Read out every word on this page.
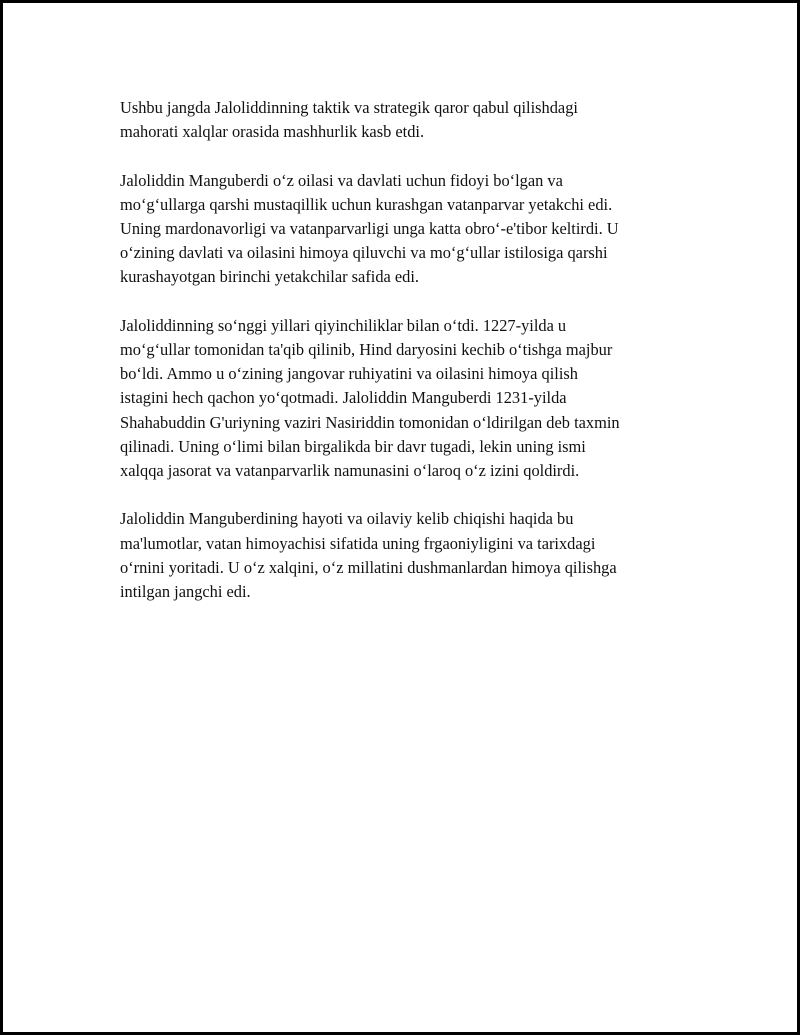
Ushbu jangda Jaloliddinning taktik va strategik qaror qabul qilishdagi
mahorati xalqlar orasida mashhurlik kasb etdi.

Jaloliddin Manguberdi o‘z oilasi va davlati uchun fidoyi bo‘lgan va
mo‘g‘ullarga qarshi mustaqillik uchun kurashgan vatanparvar yetakchi edi.
Uning mardonavorligi va vatanparvarligi unga katta obro‘-e'tibor keltirdi. U
o‘zining davlati va oilasini himoya qiluvchi va mo‘g‘ullar istilosiga qarshi
kurashayotgan birinchi yetakchilar safida edi.

Jaloliddinning so‘nggi yillari qiyinchiliklar bilan o‘tdi. 1227-yilda u
mo‘g‘ullar tomonidan ta'qib qilinib, Hind daryosini kechib o‘tishga majbur
bo‘ldi. Ammo u o‘zining jangovar ruhiyatini va oilasini himoya qilish
istagini hech qachon yo‘qotmadi. Jaloliddin Manguberdi 1231-yilda
Shahabuddin G'uriyning vaziri Nasiriddin tomonidan o‘ldirilgan deb taxmin
qilinadi. Uning o‘limi bilan birgalikda bir davr tugadi, lekin uning ismi
xalqqa jasorat va vatanparvarlik namunasini o‘laroq o‘z izini qoldirdi.

Jaloliddin Manguberdining hayoti va oilaviy kelib chiqishi haqida bu
ma'lumotlar, vatan himoyachisi sifatida uning frgaoniyligini va tarixdagi
o‘rnini yoritadi. U o‘z xalqini, o‘z millatini dushmanlardan himoya qilishga
intilgan jangchi edi.
